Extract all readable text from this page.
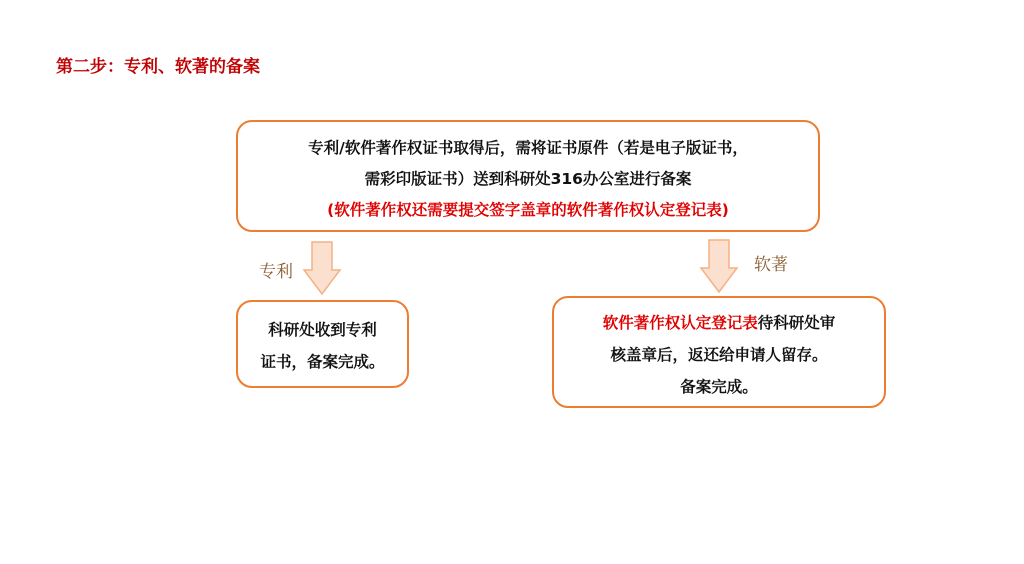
第二步：专利、软著的备案
专利/软件著作权证书取得后，需将证书原件（若是电子版证书，
需彩印版证书）送到科研处316办公室进行备案
(软件著作权还需要提交签字盖章的软件著作权认定登记表)
专利	软著
科研处收到专利
证书，备案完成。
软件著作权认定登记表待科研处审
核盖章后，返还给申请人留存。
备案完成。
